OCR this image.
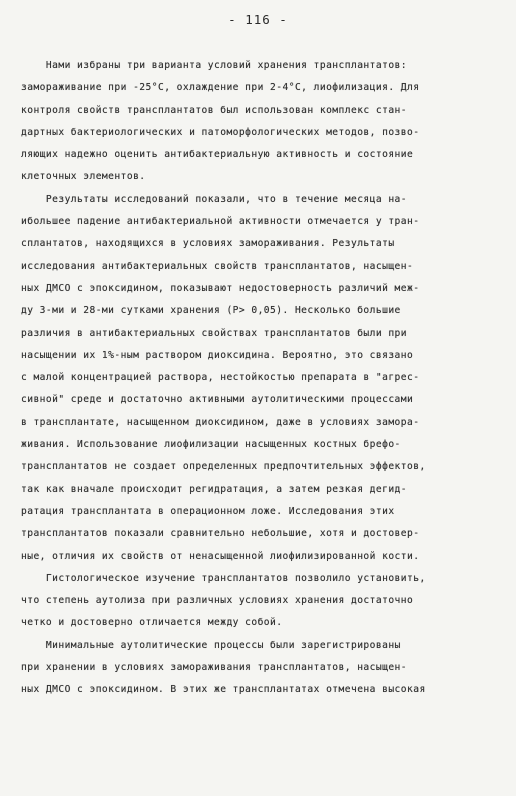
- 116 -
Нами избраны три варианта условий хранения трансплантатов:
замораживание при -25°С, охлаждение при 2-4°С, лиофилизация. Для
контроля свойств трансплантатов был использован комплекс стан-
дартных бактериологических и патоморфологических методов, позво-
ляющих надежно оценить антибактериальную активность и состояние
клеточных элементов.
Результаты исследований показали, что в течение месяца на-
ибольшее падение антибактериальной активности отмечается у тран-
сплантатов, находящихся в условиях замораживания. Результаты
исследования антибактериальных свойств трансплантатов, насыщен-
ных ДМСО с эпоксидином, показывают недостоверность различий меж-
ду 3-ми и 28-ми сутками хранения (Р> 0,05). Несколько большие
различия в антибактериальных свойствах трансплантатов были при
насыщении их 1%-ным раствором диоксидина. Вероятно, это связано
с малой концентрацией раствора, нестойкостью препарата в "агрес-
сивной" среде и достаточно активными аутолитическими процессами
в трансплантате, насыщенном диоксидином, даже в условиях замора-
живания. Использование лиофилизации насыщенных костных брефо-
трансплантатов не создает определенных предпочтительных эффектов,
так как вначале происходит регидратация, а затем резкая дегид-
ратация трансплантата в операционном ложе. Исследования этих
трансплантатов показали сравнительно небольшие, хотя и достовер-
ные, отличия их свойств от ненасыщенной лиофилизированной кости.
Гистологическое изучение трансплантатов позволило установить,
что степень аутолиза при различных условиях хранения достаточно
четко и достоверно отличается между собой.
Минимальные аутолитические процессы были зарегистрированы
при хранении в условиях замораживания трансплантатов, насыщен-
ных ДМСО с эпоксидином. В этих же трансплантатах отмечена высокая
